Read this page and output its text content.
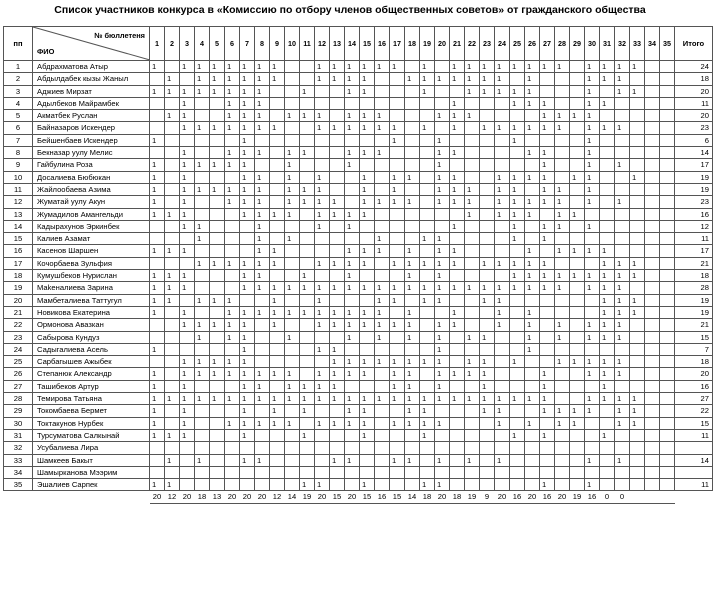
Список участников конкурса в «Комиссию по отбору членов общественных советов» от гражданского общества
пп	№ бюллетеня
ФИО	1	2	3	4	5	6	7	8	9	10	11	12	13	14	15	16	17	18	19	20	21	22	23	24	25	26	27	28	29	30	31	32	33	34	35	Итого
1	Абдрахматова Атыр	1		1	1	1	1	1	1	1			1	1	1	1	1	1		1		1	1	1	1	1	1	1	1		1	1	1	1			24
2	Абдылдабек кызы Жаныл		1		1	1	1	1	1	1			1	1	1	1			1	1	1	1	1	1	1		1				1	1	1				18
3	Аджиев Мирзат	1	1	1	1	1	1	1	1			1			1	1				1			1	1	1	1	1				1		1	1			20
4	Адылбеков Майрамбек			1			1	1	1													1				1	1	1			1	1					11
5	Акматбек Руслан		1	1			1	1	1		1	1	1		1	1	1				1	1	1					1	1	1	1						20
6	Байназаров Искендер			1	1	1	1	1	1	1			1	1	1	1	1	1		1		1		1	1	1	1	1	1		1	1	1				23
7	Бейшенбаев Искендер	1						1										1			1					1					1						6
8	Бекназар уулу Мелис			1			1	1	1		1	1			1	1	1				1	1					1	1			1						14
9	Гайбулина Роза	1		1	1	1	1	1			1				1						1							1			1		1				17
10	Досалиева Бюбюкан	1		1				1	1		1		1			1		1	1		1	1			1	1	1	1		1	1			1			19
11	Жайлообаева Азима	1		1	1	1	1	1	1		1	1	1			1		1			1	1	1		1	1		1	1		1						19
12	Жуматай уулу Акун	1		1			1	1	1		1	1	1	1		1	1	1	1		1	1	1		1	1	1	1	1		1		1				23
13	Жумадилов Амангельди	1	1	1				1	1	1	1		1	1	1	1							1		1	1	1		1	1							16
14	Кадырахунов Эркинбек			1	1				1				1		1							1				1		1	1		1						12
15	Калиев Азамат				1				1		1						1			1	1					1		1									11
16	Касенов Шаршен	1	1	1					1	1					1	1	1		1		1	1					1		1	1	1	1					17
17	Кочорбаева Зульфия				1	1	1	1	1	1			1	1	1	1		1	1	1	1	1		1	1	1	1	1				1	1	1			21
18	Кумушбеков Нурислан	1	1	1				1	1			1			1				1		1					1	1	1	1	1	1	1	1	1			18
19	Маkеналиева Зарина	1	1	1				1	1	1	1	1	1	1	1	1	1	1	1	1	1	1	1	1	1	1	1	1	1		1	1	1				28
20	Мамбеталиева Таттугул	1	1		1	1	1			1			1				1	1		1	1			1	1							1	1	1			19
21	Новикова Екатерина	1		1			1	1	1	1	1	1	1	1	1	1	1		1			1			1		1					1	1	1			19
22	Ормонова Авазкан			1	1	1	1	1		1			1	1	1	1	1	1	1		1	1			1		1		1		1	1	1				21
23	Сабырова Кундуз				1		1	1			1				1		1		1		1		1	1			1		1		1	1	1				15
24	Садыгалиева Асель	1						1					1	1							1						1										7
25	Сарбагышев Ажыбек			1	1	1	1	1						1	1	1	1	1	1	1	1		1	1		1			1	1	1	1	1				18
26	Степанюк Александр	1		1	1	1	1	1	1	1	1		1	1	1	1		1	1		1	1	1	1				1			1	1	1				20
27	Ташибеков Артур	1		1				1	1		1	1	1	1				1	1		1			1				1				1					16
28	Темирова Татьяна	1	1	1	1	1	1	1	1	1	1	1	1	1	1	1	1	1	1	1	1	1	1	1	1	1	1	1			1	1	1	1			27
29	Токомбаева Бермет	1		1				1		1		1			1	1			1	1				1	1			1	1	1	1		1	1			22
30	Токтакунов Нурбек	1		1			1	1	1	1	1		1	1	1	1		1	1	1	1				1		1		1	1			1	1			15
31	Турсуматова Салкынай	1	1	1				1				1				1				1						1		1				1					11
32	Усубалиева Лира																																				
33	Шамкеев Бакыт		1		1			1	1					1	1			1	1		1		1		1						1		1				14
34	Шамырканова Мээрим																																				
35	Эшалиев Сарпек	1	1									1	1			1				1	1							1			1						11
		20	12	20	18	13	20	20	20	12	14	19	20	15	20	15	16	15	14	18	20	18	19	9	20	16	20	16	20	19	16	0	0				
